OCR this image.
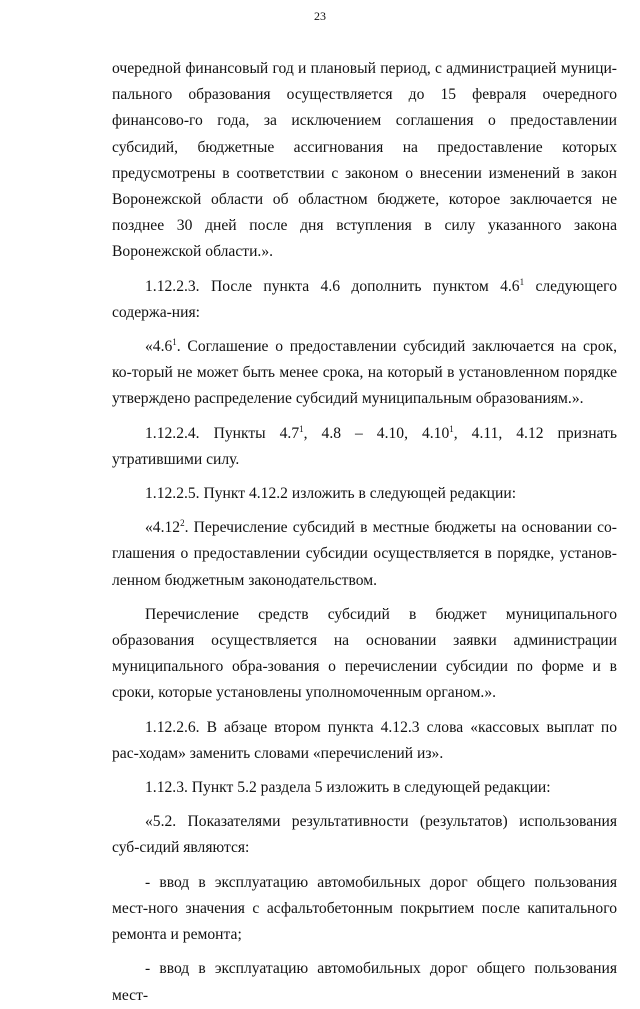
23

очередной финансовый год и плановый период, с администрацией муници-пального образования осуществляется до 15 февраля очередного финансово-го года, за исключением соглашения о предоставлении субсидий, бюджетные ассигнования на предоставление которых предусмотрены в соответствии с законом о внесении изменений в закон Воронежской области об областном бюджете, которое заключается не позднее 30 дней после дня вступления в силу указанного закона Воронежской области.».

1.12.2.3. После пункта 4.6 дополнить пунктом $4.6^1$ следующего содержа-ния:

«$4.6^1$. Соглашение о предоставлении субсидий заключается на срок, ко-торый не может быть менее срока, на который в установленном порядке утверждено распределение субсидий муниципальным образованиям.».

1.12.2.4. Пункты $4.7^1$, 4.8 – 4.10, 4.10$^1$, 4.11, 4.12 признать утратившими силу.

1.12.2.5. Пункт 4.12.2 изложить в следующей редакции:

«4.12$^2$. Перечисление субсидий в местные бюджеты на основании со-глашения о предоставлении субсидии осуществляется в порядке, установ-ленном бюджетным законодательством.

Перечисление средств субсидий в бюджет муниципального образования осуществляется на основании заявки администрации муниципального обра-зования о перечислении субсидии по форме и в сроки, которые установлены уполномоченным органом.».

1.12.2.6. В абзаце втором пункта 4.12.3 слова «кассовых выплат по рас-ходам» заменить словами «перечислений из».

1.12.3. Пункт 5.2 раздела 5 изложить в следующей редакции:

«5.2. Показателями результативности (результатов) использования суб-сидий являются:

- ввод в эксплуатацию автомобильных дорог общего пользования мест-ного значения с асфальтобетонным покрытием после капитального ремонта и ремонта;

- ввод в эксплуатацию автомобильных дорог общего пользования мест-
